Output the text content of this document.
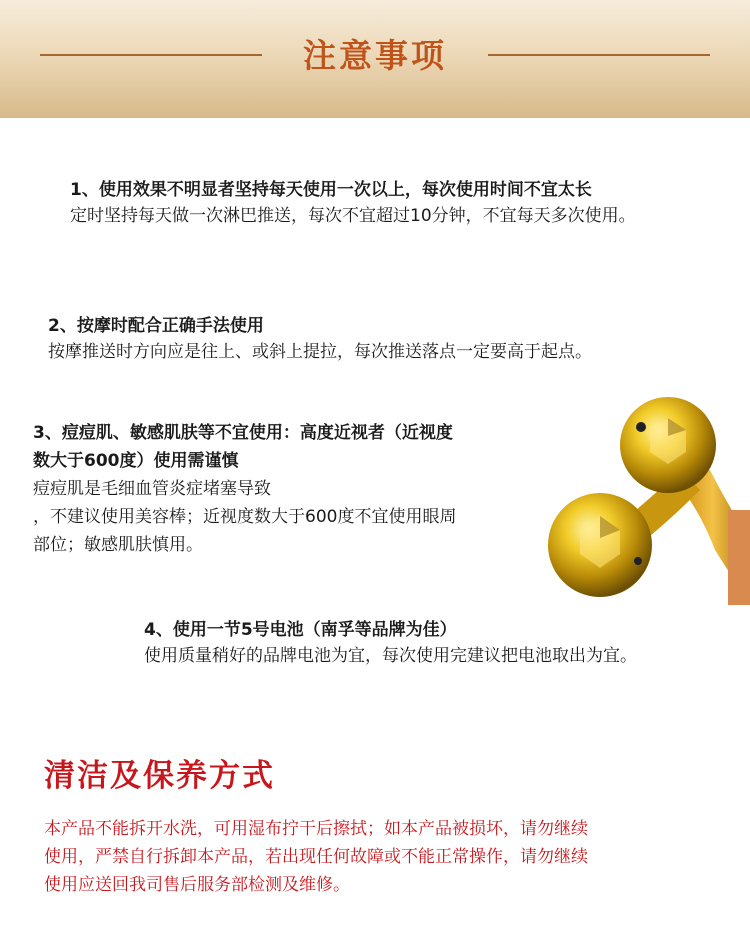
注意事项
1、使用效果不明显者坚持每天使用一次以上，每次使用时间不宜太长
定时坚持每天做一次淋巴推送，每次不宜超过10分钟，不宜每天多次使用。
2、按摩时配合正确手法使用
按摩推送时方向应是往上、或斜上提拉，每次推送落点一定要高于起点。
3、痘痘肌、敏感肌肤等不宜使用：高度近视者（近视度
数大于600度）使用需谨慎
痘痘肌是毛细血管炎症堵塞导致
，不建议使用美容棒；近视度数大于600度不宜使用眼周
部位；敏感肌肤慎用。
4、使用一节5号电池（南孚等品牌为佳）
使用质量稍好的品牌电池为宜，每次使用完建议把电池取出为宜。
清洁及保养方式
本产品不能拆开水洗，可用湿布拧干后擦拭；如本产品被损坏，请勿继续
使用，严禁自行拆卸本产品，若出现任何故障或不能正常操作，请勿继续
使用应送回我司售后服务部检测及维修。
